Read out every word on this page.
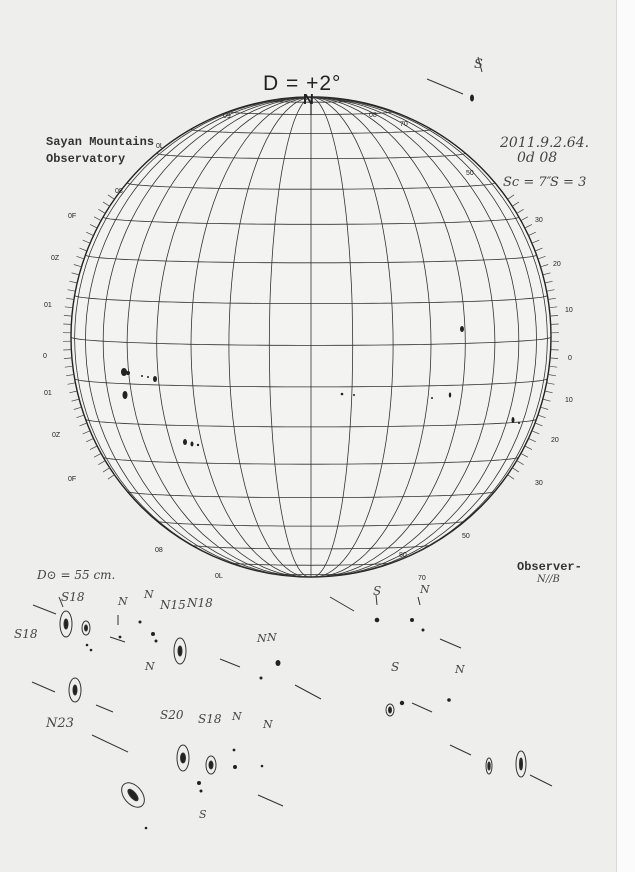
D = +2°
N
S
Sayan Mountains
Observatory
2011.9.2.64.
0d 08
Sc = 7″
S = 3
D⊙ = 55 cm.
Observer-
N//B
30
20
10
0
10
20
30
0F
0Z
01
0
01
0Z
0F
08
0L
09	08
70
50
0L
08
80
70
50
S18	N
N
N15 N18
S18
N23
N
N
S20 S18 N
N
S	N
S	N
N
S
